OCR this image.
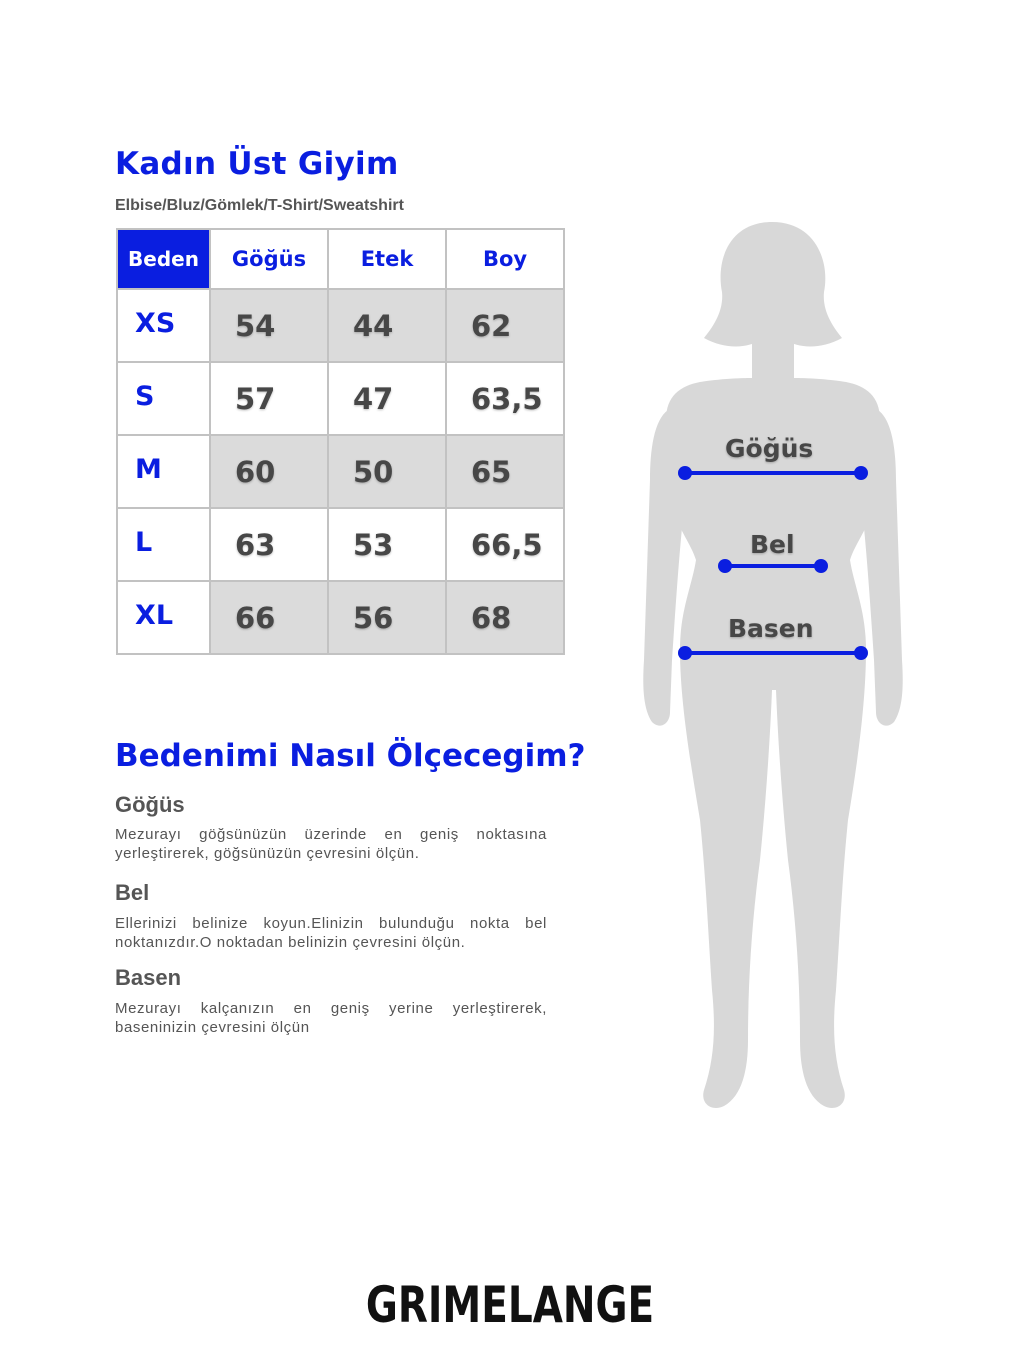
Kadın Üst Giyim
Elbise/Bluz/Gömlek/T-Shirt/Sweatshirt
Beden	Göğüs	Etek	Boy
XS	54	44	62
S	57	47	63,5
M	60	50	65
L	63	53	66,5
XL	66	56	68
Bedenimi Nasıl Ölçecegim?
Göğüs
Mezurayı göğsünüzün üzerinde en geniş noktasına yerleştirerek, göğsünüzün çevresini ölçün.
Bel
Ellerinizi belinize koyun.Elinizin bulunduğu nokta bel noktanızdır.O noktadan belinizin çevresini ölçün.
Basen
Mezurayı kalçanızın en geniş yerine yerleştirerek, baseninizin çevresini ölçün
Göğüs
Bel
Basen
GRIMELANGE
